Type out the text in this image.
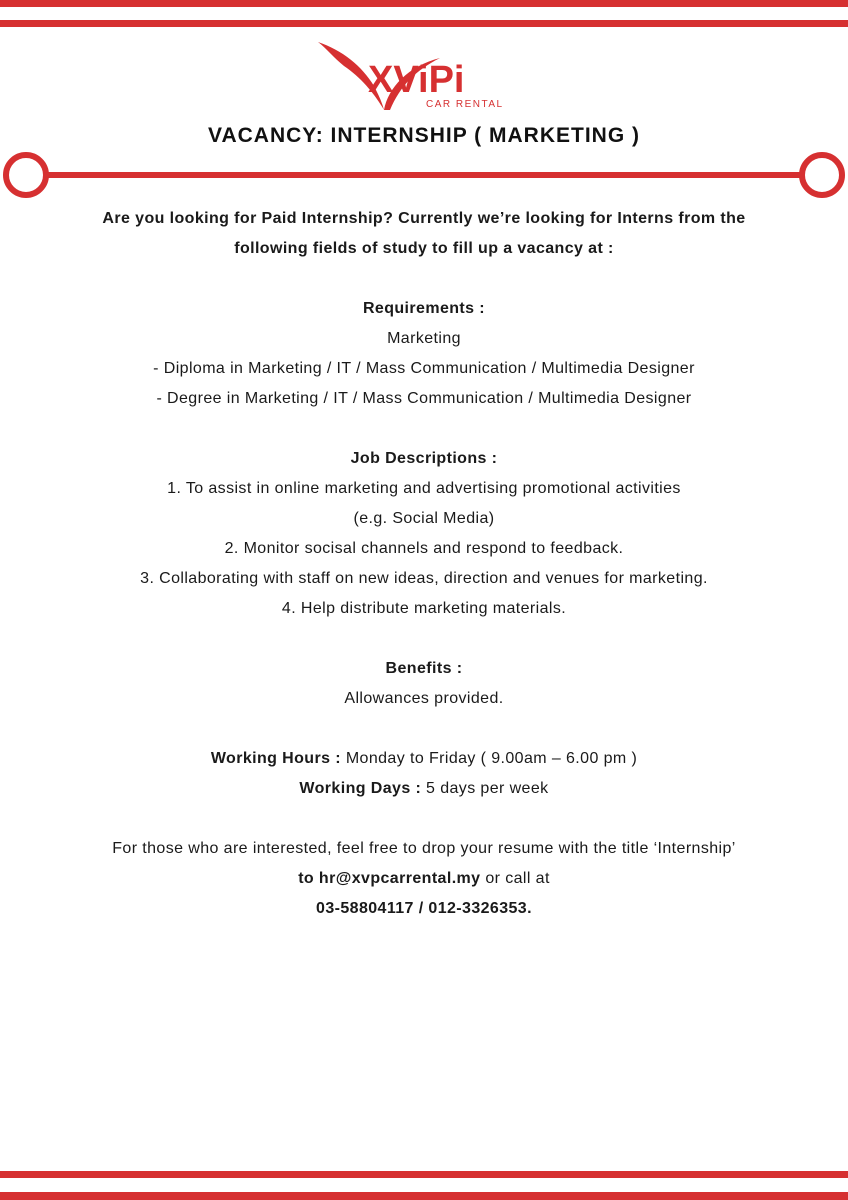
XViPi
CAR RENTAL
VACANCY: INTERNSHIP ( MARKETING )

Are you looking for Paid Internship? Currently we’re looking for Interns from the

following fields of study to fill up a vacancy at :

Requirements :

Marketing

- Diploma in Marketing / IT / Mass Communication / Multimedia Designer

- Degree in Marketing / IT / Mass Communication / Multimedia Designer

Job Descriptions :

1. To assist in online marketing and advertising promotional activities

(e.g. Social Media)

2. Monitor socisal channels and respond to feedback.

3. Collaborating with staff on new ideas, direction and venues for marketing.

4. Help distribute marketing materials.

Benefits :

Allowances provided.

Working Hours : Monday to Friday ( 9.00am – 6.00 pm )

Working Days : 5 days per week

For those who are interested, feel free to drop your resume with the title ‘Internship’

to hr@xvpcarrental.my or call at

03-58804117 / 012-3326353.
